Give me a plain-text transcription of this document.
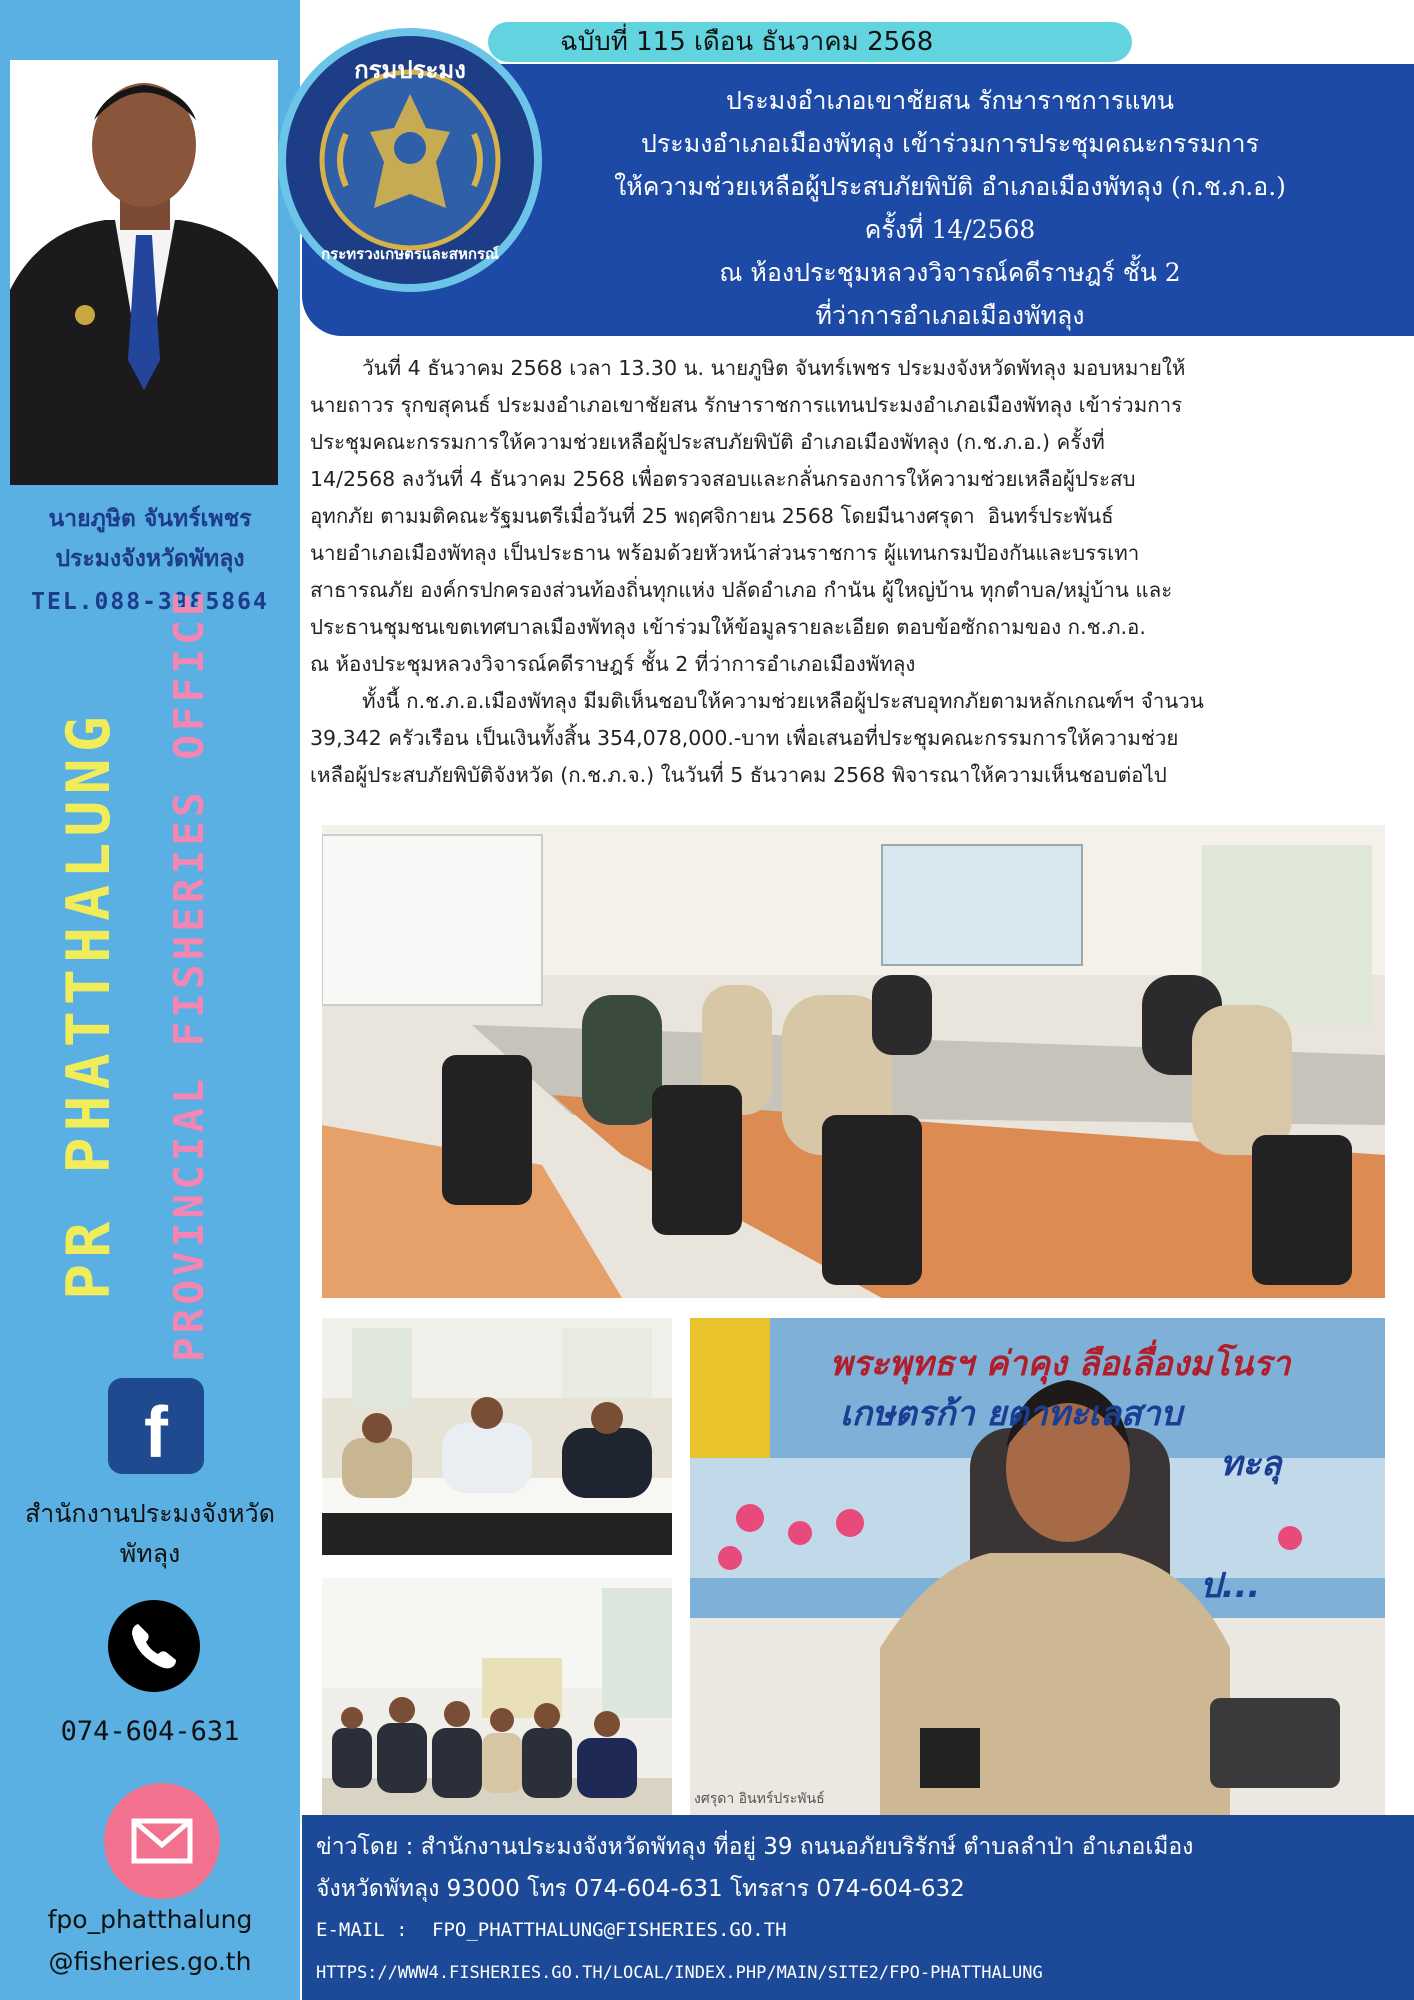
นายภูษิต จันทร์เพชร
ประมงจังหวัดพัทลุง
TEL.088-3985864
PR PHATTHALUNG PROVINCIAL FISHERIES OFFICE
f
สำนักงานประมงจังหวัดพัทลุง
074-604-631
fpo_phatthalung
@fisheries.go.th
ฉบับที่ 115 เดือน ธันวาคม 2568
ประมงอำเภอเขาชัยสน รักษาราชการแทน
ประมงอำเภอเมืองพัทลุง เข้าร่วมการประชุมคณะกรรมการ
ให้ความช่วยเหลือผู้ประสบภัยพิบัติ อำเภอเมืองพัทลุง (ก.ช.ภ.อ.)
ครั้งที่ 14/2568
ณ ห้องประชุมหลวงวิจารณ์คดีราษฎร์ ชั้น 2
ที่ว่าการอำเภอเมืองพัทลุง
กรมประมง
กระทรวงเกษตรและสหกรณ์
วันที่ 4 ธันวาคม 2568 เวลา 13.30 น. นายภูษิต จันทร์เพชร ประมงจังหวัดพัทลุง มอบหมายให้
นายถาวร รุกขสุคนธ์ ประมงอำเภอเขาชัยสน รักษาราชการแทนประมงอำเภอเมืองพัทลุง เข้าร่วมการ
ประชุมคณะกรรมการให้ความช่วยเหลือผู้ประสบภัยพิบัติ อำเภอเมืองพัทลุง (ก.ช.ภ.อ.) ครั้งที่
14/2568 ลงวันที่ 4 ธันวาคม 2568 เพื่อตรวจสอบและกลั่นกรองการให้ความช่วยเหลือผู้ประสบ
อุทกภัย ตามมติคณะรัฐมนตรีเมื่อวันที่ 25 พฤศจิกายน 2568 โดยมีนางศรุดา  อินทร์ประพันธ์
นายอำเภอเมืองพัทลุง เป็นประธาน พร้อมด้วยหัวหน้าส่วนราชการ ผู้แทนกรมป้องกันและบรรเทา
สาธารณภัย องค์กรปกครองส่วนท้องถิ่นทุกแห่ง ปลัดอำเภอ กำนัน ผู้ใหญ่บ้าน ทุกตำบล/หมู่บ้าน และ
ประธานชุมชนเขตเทศบาลเมืองพัทลุง เข้าร่วมให้ข้อมูลรายละเอียด ตอบข้อซักถามของ ก.ช.ภ.อ.
ณ ห้องประชุมหลวงวิจารณ์คดีราษฎร์ ชั้น 2 ที่ว่าการอำเภอเมืองพัทลุง
ทั้งนี้ ก.ช.ภ.อ.เมืองพัทลุง มีมติเห็นชอบให้ความช่วยเหลือผู้ประสบอุทกภัยตามหลักเกณฑ์ฯ จำนวน
39,342 ครัวเรือน เป็นเงินทั้งสิ้น 354,078,000.-บาท เพื่อเสนอที่ประชุมคณะกรรมการให้ความช่วย
เหลือผู้ประสบภัยพิบัติจังหวัด (ก.ช.ภ.จ.) ในวันที่ 5 ธันวาคม 2568 พิจารณาให้ความเห็นชอบต่อไป
พระพุทธฯ ค่าคุง ลือเลื่องมโนรา
เกษตรก้า ยตาทะเลสาบ
ทะลุ
ป...
งศรุดา อินทร์ประพันธ์
ข่าวโดย : สำนักงานประมงจังหวัดพัทลุง ที่อยู่ 39 ถนนอภัยบริรักษ์ ตำบลลำป่า อำเภอเมือง
จังหวัดพัทลุง 93000 โทร 074-604-631 โทรสาร 074-604-632
E-MAIL : FPO_PHATTHALUNG@FISHERIES.GO.TH
HTTPS://WWW4.FISHERIES.GO.TH/LOCAL/INDEX.PHP/MAIN/SITE2/FPO-PHATTHALUNG
